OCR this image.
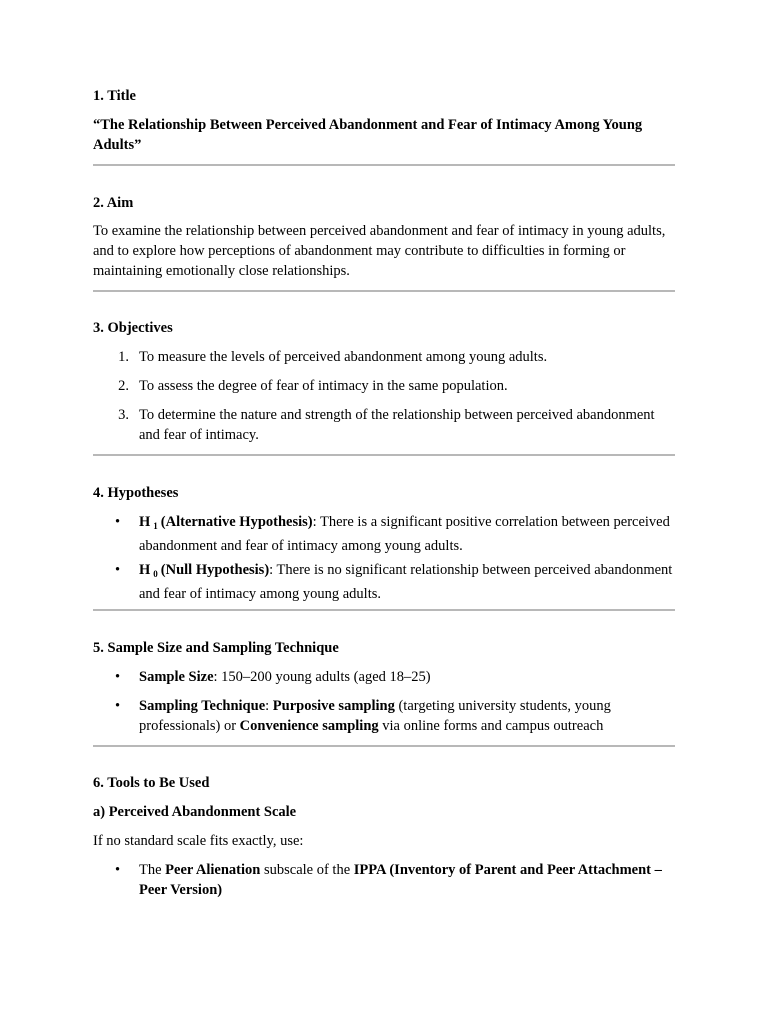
1. Title

“The Relationship Between Perceived Abandonment and Fear of Intimacy Among Young Adults”

2. Aim

To examine the relationship between perceived abandonment and fear of intimacy in young adults, and to explore how perceptions of abandonment may contribute to difficulties in forming or maintaining emotionally close relationships.

3. Objectives

1. To measure the levels of perceived abandonment among young adults.

2. To assess the degree of fear of intimacy in the same population.

3. To determine the nature and strength of the relationship between perceived abandonment and fear of intimacy.

4. Hypotheses

• H $_1$ (Alternative Hypothesis): There is a significant positive correlation between perceived abandonment and fear of intimacy among young adults.

• H $_0$ (Null Hypothesis): There is no significant relationship between perceived abandonment and fear of intimacy among young adults.

5. Sample Size and Sampling Technique

• Sample Size: 150–200 young adults (aged 18–25)

• Sampling Technique: Purposive sampling (targeting university students, young professionals) or Convenience sampling via online forms and campus outreach

6. Tools to Be Used

a) Perceived Abandonment Scale

If no standard scale fits exactly, use:

• The Peer Alienation subscale of the IPPA (Inventory of Parent and Peer Attachment – Peer Version)
